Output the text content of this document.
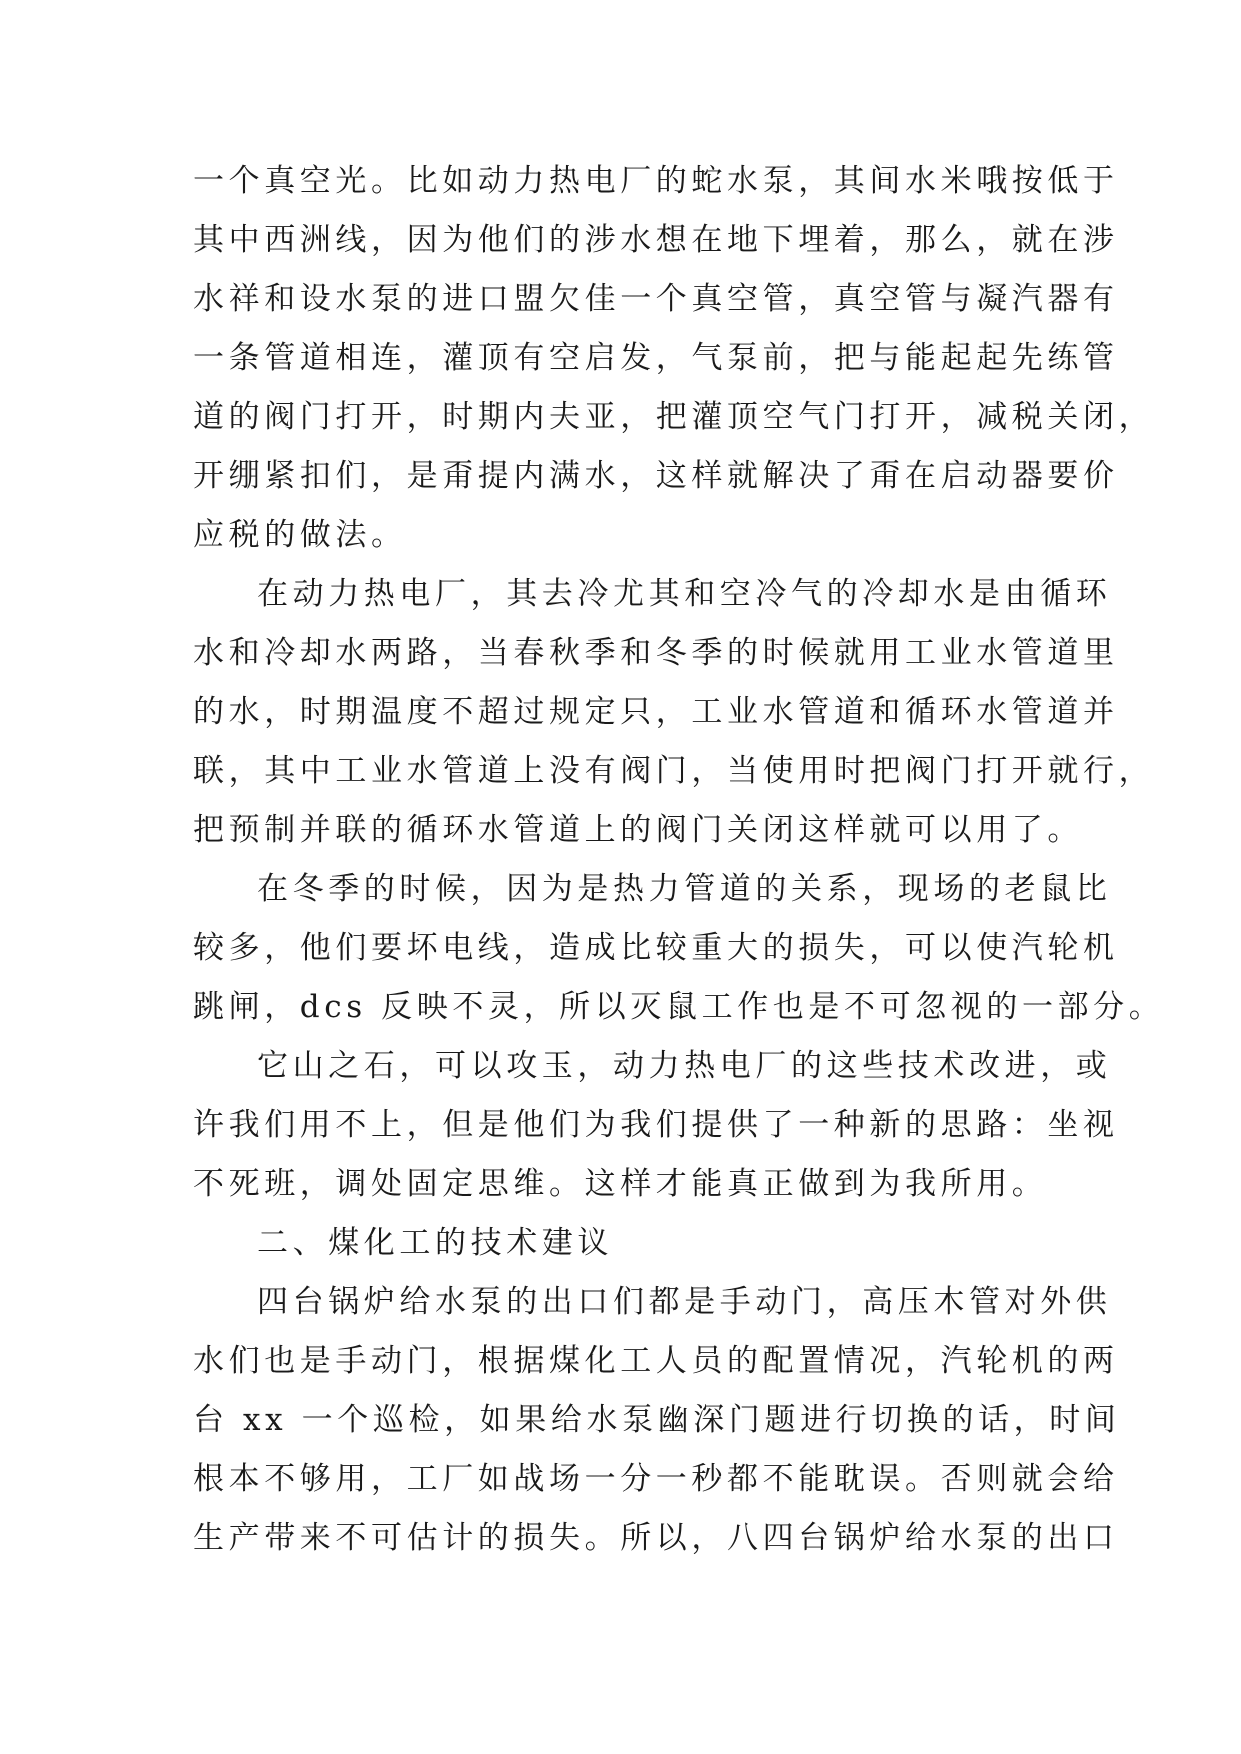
一个真空光。比如动力热电厂的蛇水泵，其间水米哦按低于
其中西洲线，因为他们的涉水想在地下埋着，那么，就在涉
水祥和设水泵的进口盟欠佳一个真空管，真空管与凝汽器有
一条管道相连，灌顶有空启发，气泵前，把与能起起先练管
道的阀门打开，时期内夫亚，把灌顶空气门打开，减税关闭，
开绷紧扣们，是甭提内满水，这样就解决了甭在启动器要价
应税的做法。
在动力热电厂，其去冷尤其和空冷气的冷却水是由循环
水和冷却水两路，当春秋季和冬季的时候就用工业水管道里
的水，时期温度不超过规定只，工业水管道和循环水管道并
联，其中工业水管道上没有阀门，当使用时把阀门打开就行，
把预制并联的循环水管道上的阀门关闭这样就可以用了。
在冬季的时候，因为是热力管道的关系，现场的老鼠比
较多，他们要坏电线，造成比较重大的损失，可以使汽轮机
跳闸，dcs 反映不灵，所以灭鼠工作也是不可忽视的一部分。
它山之石，可以攻玉，动力热电厂的这些技术改进，或
许我们用不上，但是他们为我们提供了一种新的思路：坐视
不死班，调处固定思维。这样才能真正做到为我所用。
二、煤化工的技术建议
四台锅炉给水泵的出口们都是手动门，高压木管对外供
水们也是手动门，根据煤化工人员的配置情况，汽轮机的两
台 xx 一个巡检，如果给水泵幽深门题进行切换的话，时间
根本不够用，工厂如战场一分一秒都不能耽误。否则就会给
生产带来不可估计的损失。所以，八四台锅炉给水泵的出口
